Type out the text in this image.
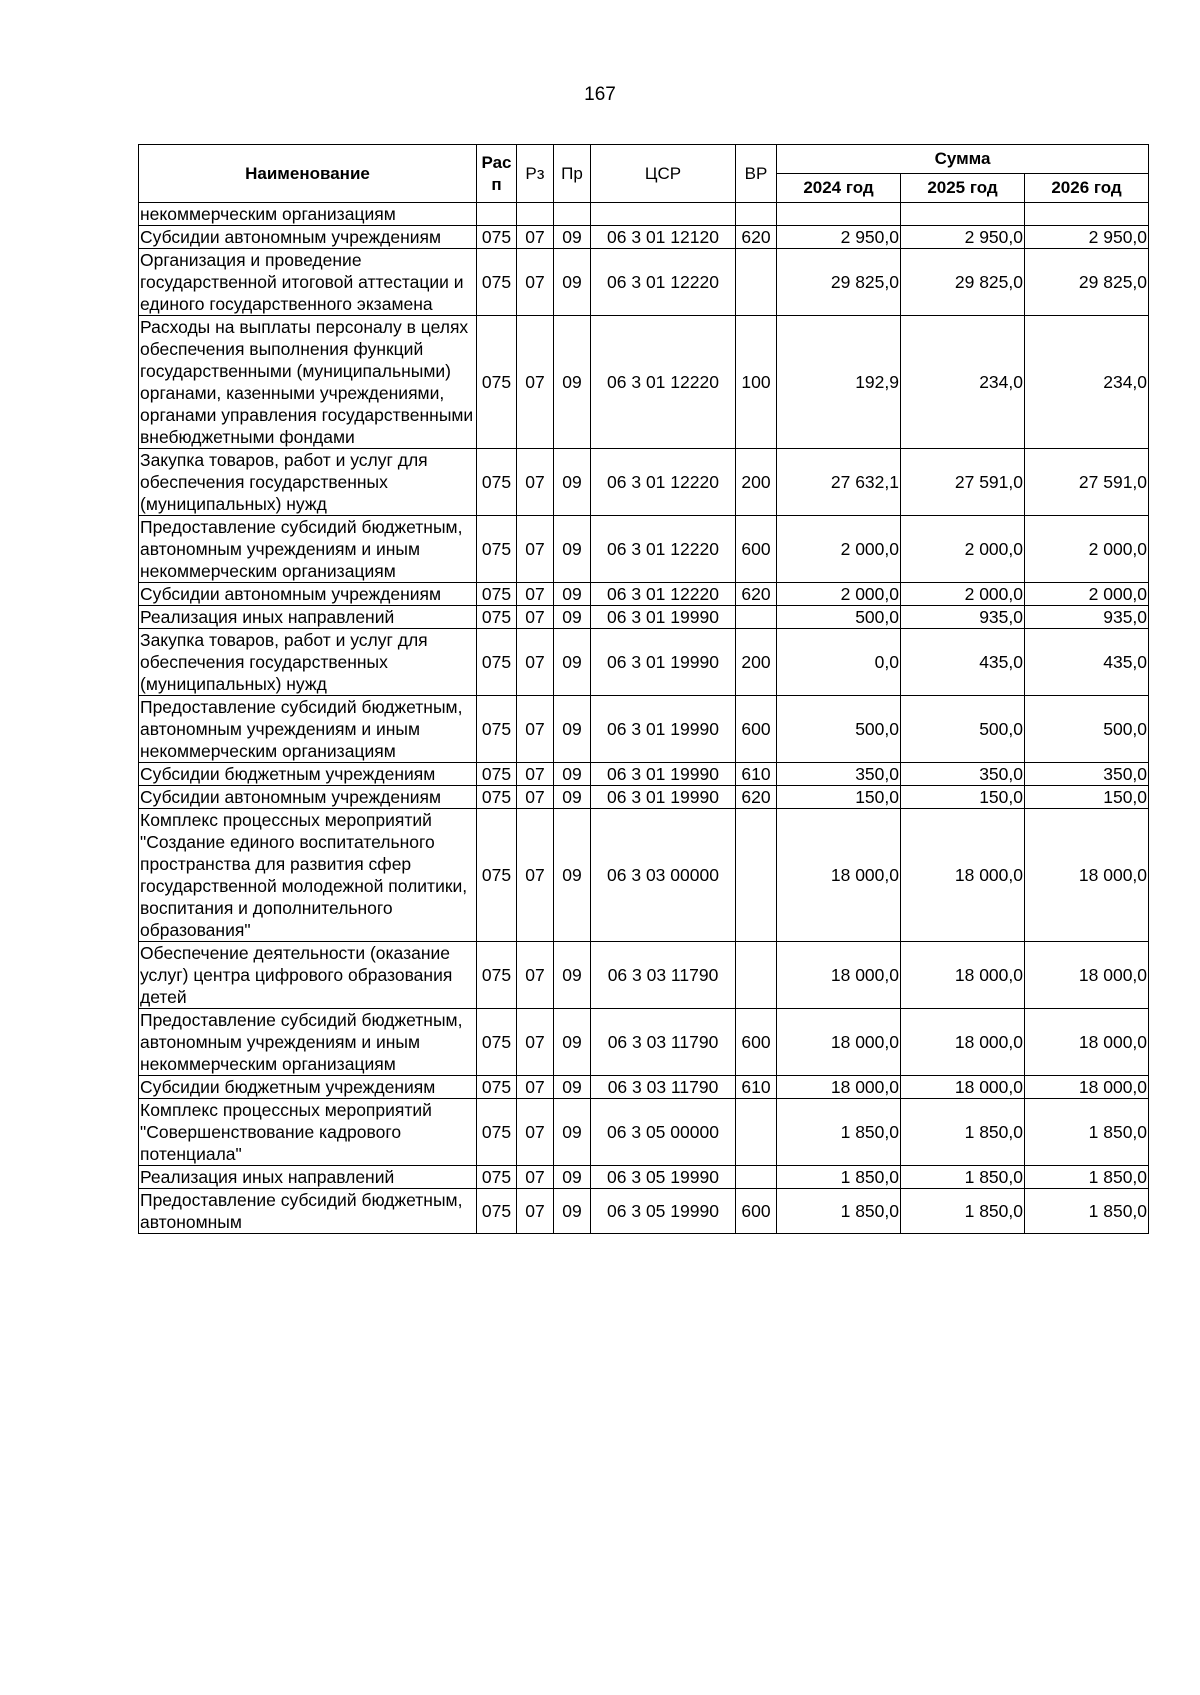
167
Наименование	Рас п	Рз	Пр	ЦСР	ВР	Сумма		
						2024 год	2025 год	2026 год
некоммерческим организациям								
Субсидии автономным учреждениям	075	07	09	06 3 01 12120	620	2 950,0	2 950,0	2 950,0
Организация и проведение государственной итоговой аттестации и единого государственного экзамена	075	07	09	06 3 01 12220		29 825,0	29 825,0	29 825,0
Расходы на выплаты персоналу в целях обеспечения выполнения функций государственными (муниципальными) органами, казенными учреждениями, органами управления государственными внебюджетными фондами	075	07	09	06 3 01 12220	100	192,9	234,0	234,0
Закупка товаров, работ и услуг для обеспечения государственных (муниципальных) нужд	075	07	09	06 3 01 12220	200	27 632,1	27 591,0	27 591,0
Предоставление субсидий бюджетным, автономным учреждениям и иным некоммерческим организациям	075	07	09	06 3 01 12220	600	2 000,0	2 000,0	2 000,0
Субсидии автономным учреждениям	075	07	09	06 3 01 12220	620	2 000,0	2 000,0	2 000,0
Реализация иных направлений	075	07	09	06 3 01 19990		500,0	935,0	935,0
Закупка товаров, работ и услуг для обеспечения государственных (муниципальных) нужд	075	07	09	06 3 01 19990	200	0,0	435,0	435,0
Предоставление субсидий бюджетным, автономным учреждениям и иным некоммерческим организациям	075	07	09	06 3 01 19990	600	500,0	500,0	500,0
Субсидии бюджетным учреждениям	075	07	09	06 3 01 19990	610	350,0	350,0	350,0
Субсидии автономным учреждениям	075	07	09	06 3 01 19990	620	150,0	150,0	150,0
Комплекс процессных мероприятий "Создание единого воспитательного пространства для развития сфер государственной молодежной политики, воспитания и дополнительного образования"	075	07	09	06 3 03 00000		18 000,0	18 000,0	18 000,0
Обеспечение деятельности (оказание услуг) центра цифрового образования детей	075	07	09	06 3 03 11790		18 000,0	18 000,0	18 000,0
Предоставление субсидий бюджетным, автономным учреждениям и иным некоммерческим организациям	075	07	09	06 3 03 11790	600	18 000,0	18 000,0	18 000,0
Субсидии бюджетным учреждениям	075	07	09	06 3 03 11790	610	18 000,0	18 000,0	18 000,0
Комплекс процессных мероприятий "Совершенствование кадрового потенциала"	075	07	09	06 3 05 00000		1 850,0	1 850,0	1 850,0
Реализация иных направлений	075	07	09	06 3 05 19990		1 850,0	1 850,0	1 850,0
Предоставление субсидий бюджетным, автономным	075	07	09	06 3 05 19990	600	1 850,0	1 850,0	1 850,0
